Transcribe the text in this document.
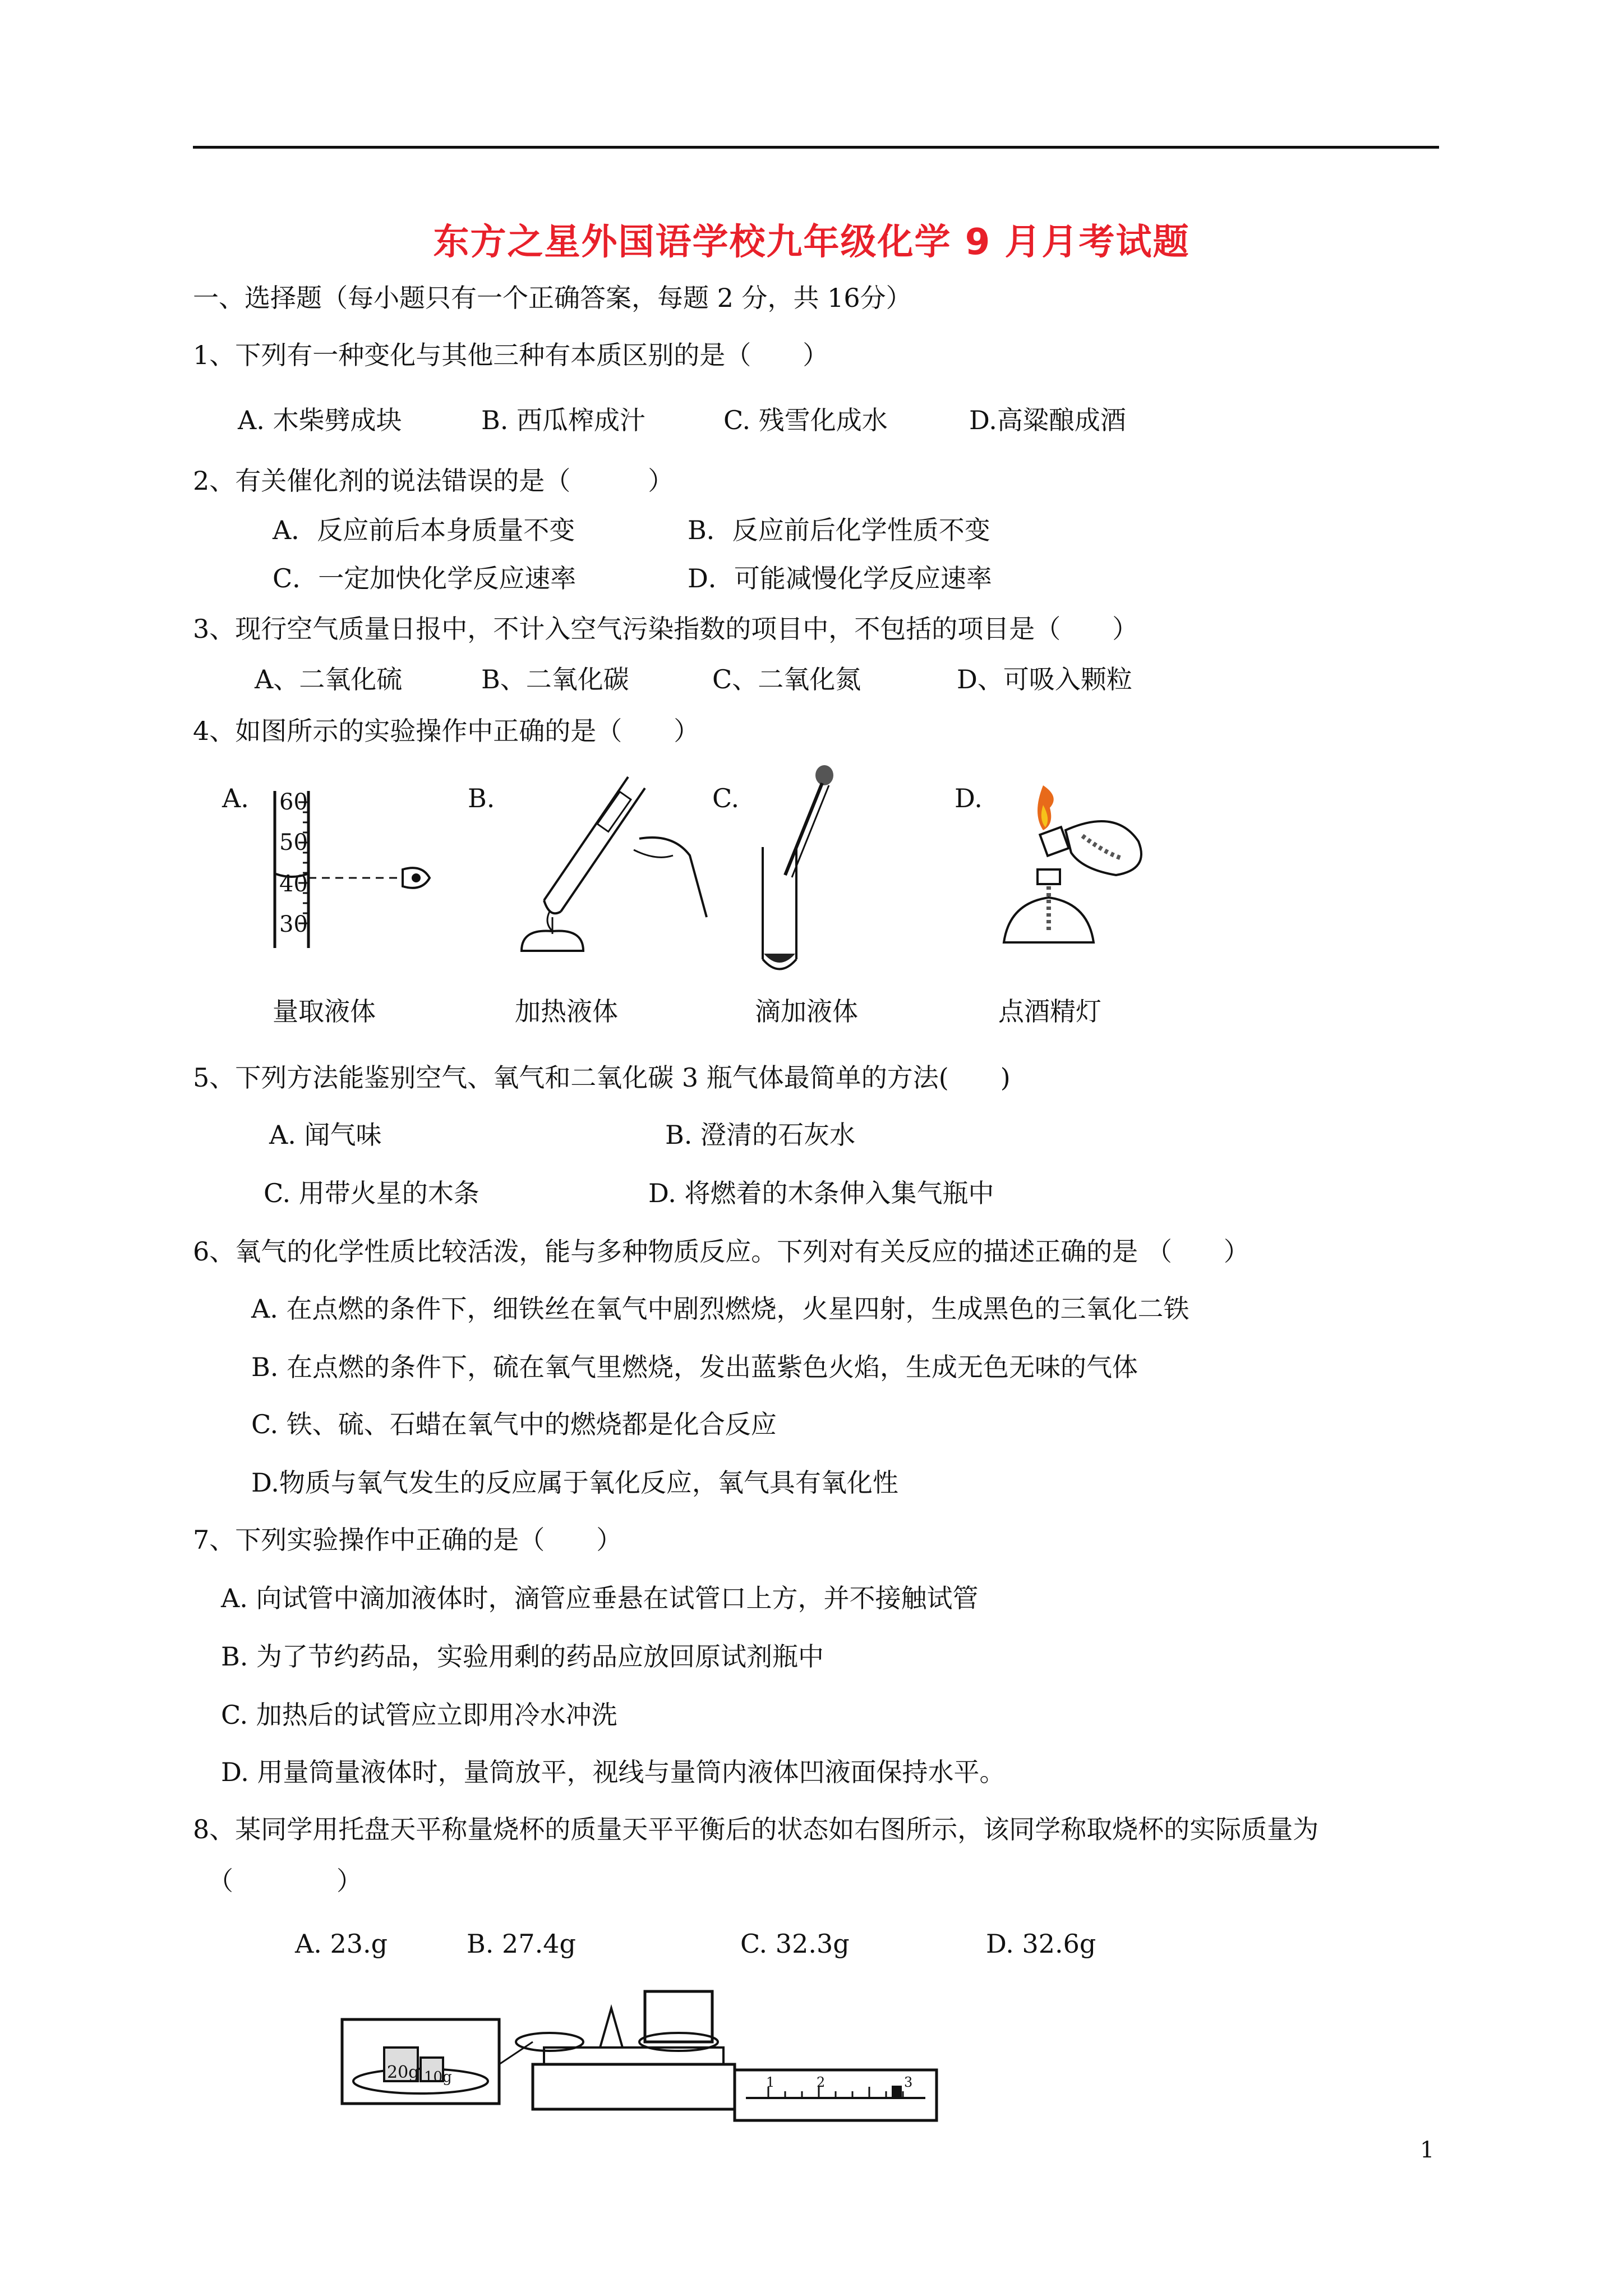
东方之星外国语学校九年级化学 9 月月考试题
一、选择题（每小题只有一个正确答案，每题 2 分，共 16分）
1、下列有一种变化与其他三种有本质区别的是（　　）
A. 木柴劈成块	B. 西瓜榨成汁	C. 残雪化成水	D.高粱酿成酒
2、有关催化剂的说法错误的是（　　　）
A．反应前后本身质量不变	B．反应前后化学性质不变
C．一定加快化学反应速率	D．可能减慢化学反应速率
3、现行空气质量日报中，不计入空气污染指数的项目中，不包括的项目是（　　）
A、二氧化硫	B、二氧化碳	C、二氧化氮	D、可吸入颗粒
4、如图所示的实验操作中正确的是（　　）
A.	B.	C.	D.
60
50
40
30
量取液体	加热液体	滴加液体	点酒精灯
5、下列方法能鉴别空气、氧气和二氧化碳 3 瓶气体最简单的方法(　　)
A. 闻气味	B. 澄清的石灰水
C. 用带火星的木条	D. 将燃着的木条伸入集气瓶中
6、氧气的化学性质比较活泼，能与多种物质反应。下列对有关反应的描述正确的是 （　　）
A. 在点燃的条件下，细铁丝在氧气中剧烈燃烧，火星四射，生成黑色的三氧化二铁
B. 在点燃的条件下，硫在氧气里燃烧，发出蓝紫色火焰，生成无色无味的气体
C. 铁、硫、石蜡在氧气中的燃烧都是化合反应
D.物质与氧气发生的反应属于氧化反应，氧气具有氧化性
7、下列实验操作中正确的是（　　）
A. 向试管中滴加液体时，滴管应垂悬在试管口上方，并不接触试管
B. 为了节约药品，实验用剩的药品应放回原试剂瓶中
C. 加热后的试管应立即用冷水冲洗
D. 用量筒量液体时，量筒放平，视线与量筒内液体凹液面保持水平。
8、某同学用托盘天平称量烧杯的质量天平平衡后的状态如右图所示，该同学称取烧杯的实际质量为
（　　　　）
A. 23.g	B. 27.4g	C. 32.3g	D. 32.6g
20g 10g	1	2	3
1
